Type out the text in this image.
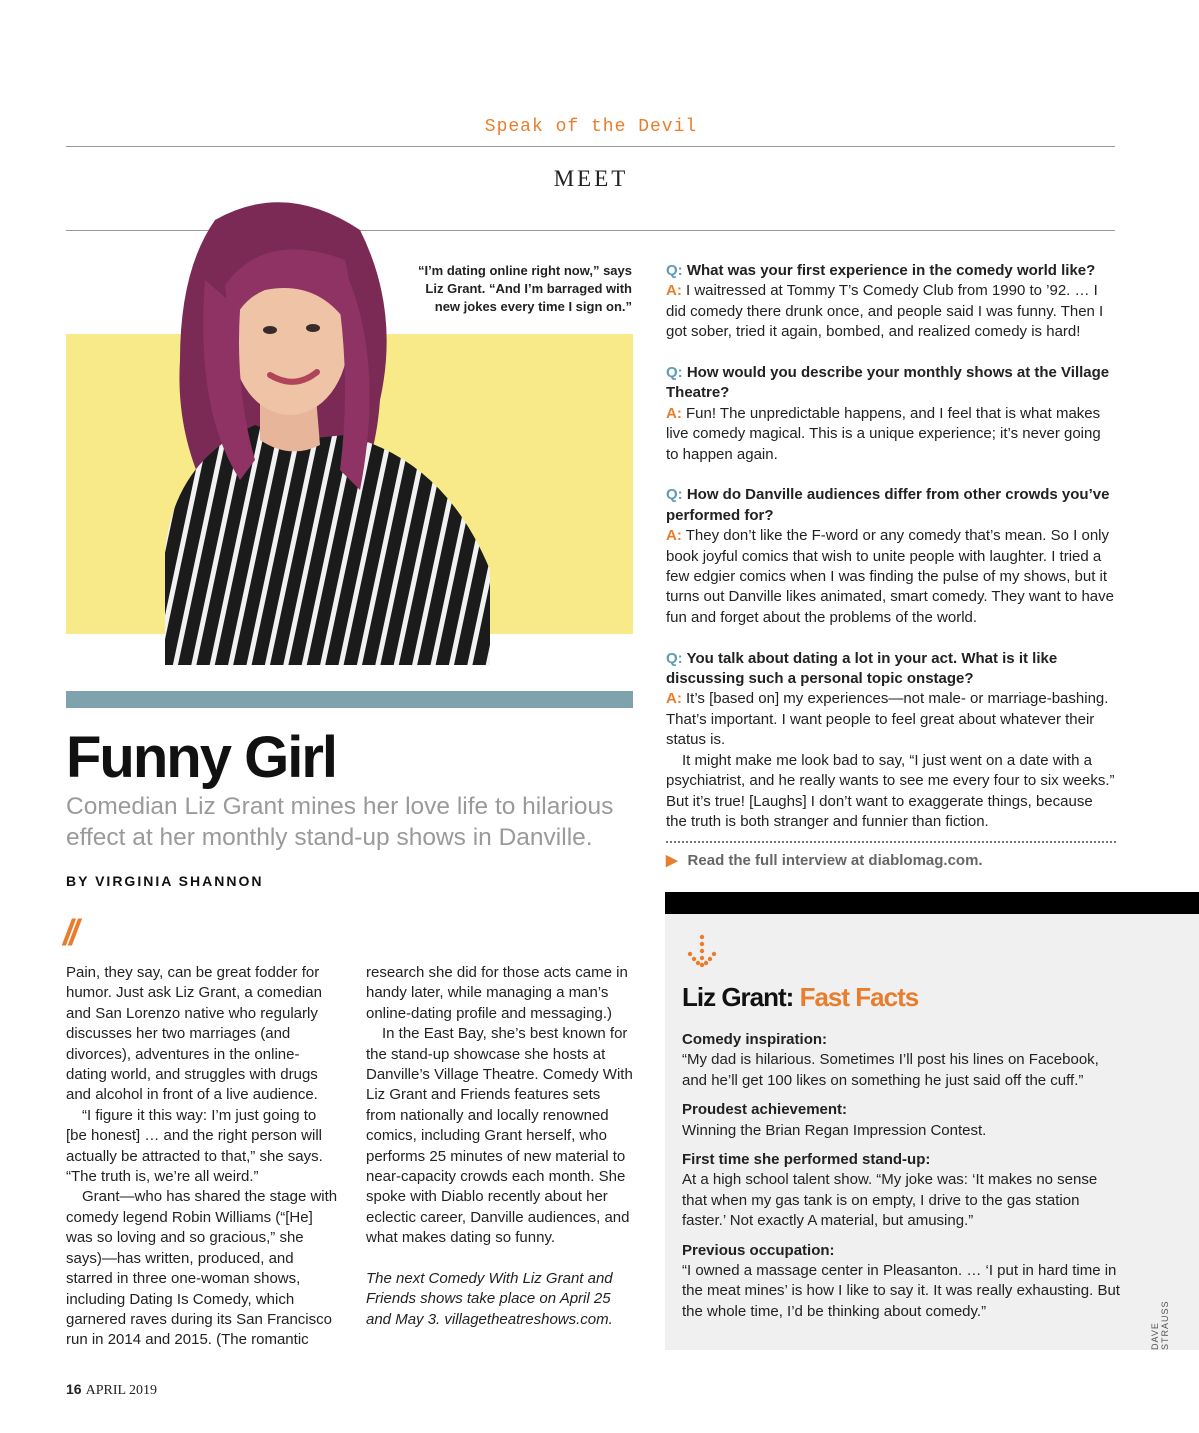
Speak of the Devil
MEET
“I’m dating online right now,” says Liz Grant. “And I’m barraged with new jokes every time I sign on.”
Funny Girl
Comedian Liz Grant mines her love life to hilarious effect at her monthly stand-up shows in Danville.
BY VIRGINIA SHANNON
//

Pain, they say, can be great fodder for humor. Just ask Liz Grant, a comedian and San Lorenzo native who regularly discusses her two marriages (and divorces), adventures in the online-dating world, and struggles with drugs and alcohol in front of a live audience.

“I figure it this way: I’m just going to [be honest] … and the right person will actually be attracted to that,” she says. “The truth is, we’re all weird.”

Grant—who has shared the stage with comedy legend Robin Williams (“[He] was so loving and so gracious,” she says)—has written, produced, and starred in three one-woman shows, including Dating Is Comedy, which garnered raves during its San Francisco run in 2014 and 2015. (The romantic

research she did for those acts came in handy later, while managing a man’s online-dating profile and messaging.)

In the East Bay, she’s best known for the stand-up showcase she hosts at Danville’s Village Theatre. Comedy With Liz Grant and Friends features sets from nationally and locally renowned comics, including Grant herself, who performs 25 minutes of new material to near-capacity crowds each month. She spoke with Diablo recently about her eclectic career, Danville audiences, and what makes dating so funny.

The next Comedy With Liz Grant and Friends shows take place on April 25 and May 3. villagetheatreshows.com.

Q: What was your first experience in the comedy world like?

A: I waitressed at Tommy T’s Comedy Club from 1990 to ’92. … I did comedy there drunk once, and people said I was funny. Then I got sober, tried it again, bombed, and realized comedy is hard!

Q: How would you describe your monthly shows at the Village Theatre?

A: Fun! The unpredictable happens, and I feel that is what makes live comedy magical. This is a unique experience; it’s never going to happen again.

Q: How do Danville audiences differ from other crowds you’ve performed for?

A: They don’t like the F-word or any comedy that’s mean. So I only book joyful comics that wish to unite people with laughter. I tried a few edgier comics when I was finding the pulse of my shows, but it turns out Danville likes animated, smart comedy. They want to have fun and forget about the problems of the world.

Q: You talk about dating a lot in your act. What is it like discussing such a personal topic onstage?

A: It’s [based on] my experiences—not male- or marriage-bashing. That’s important. I want people to feel great about whatever their status is.

It might make me look bad to say, “I just went on a date with a psychiatrist, and he really wants to see me every four to six weeks.” But it’s true! [Laughs] I don’t want to exaggerate things, because the truth is both stranger and funnier than fiction.

▶ Read the full interview at diablomag.com.
Liz Grant: Fast Facts
Comedy inspiration:
“My dad is hilarious. Sometimes I’ll post his lines on Facebook, and he’ll get 100 likes on something he just said off the cuff.”
Proudest achievement:
Winning the Brian Regan Impression Contest.
First time she performed stand-up:
At a high school talent show. “My joke was: ‘It makes no sense that when my gas tank is on empty, I drive to the gas station faster.’ Not exactly A material, but amusing.”
Previous occupation:
“I owned a massage center in Pleasanton. … ‘I put in hard time in the meat mines’ is how I like to say it. It was really exhausting. But the whole time, I’d be thinking about comedy.”
DAVE STRAUSS
16 APRIL 2019
